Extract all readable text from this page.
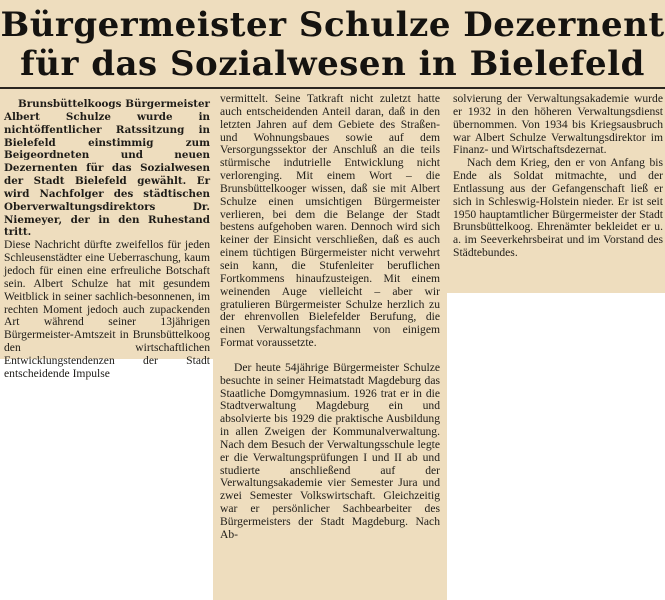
Bürgermeister Schulze Dezernent
für das Sozialwesen in Bielefeld

Brunsbüttelkoogs Bürgermeister Albert Schulze wurde in nichtöffentlicher Ratssitzung in Bielefeld einstimmig zum Beigeordneten und neuen Dezernenten für das Sozialwesen der Stadt Bielefeld gewählt. Er wird Nachfolger des städtischen Oberverwaltungsdirektors Dr. Niemeyer, der in den Ruhestand tritt.

Diese Nachricht dürfte zweifellos für jeden Schleusenstädter eine Ueberraschung, kaum jedoch für einen eine erfreuliche Botschaft sein. Albert Schulze hat mit gesundem Weitblick in seiner sachlich-besonnenen, im rechten Moment jedoch auch zupackenden Art während seiner 13jährigen Bürgermeister-Amtszeit in Brunsbüttelkoog den wirtschaftlichen Entwicklungstendenzen der Stadt entscheidende Impulse

vermittelt. Seine Tatkraft nicht zuletzt hatte auch entscheidenden Anteil daran, daß in den letzten Jahren auf dem Gebiete des Straßen- und Wohnungsbaues sowie auf dem Versorgungssektor der Anschluß an die teils stürmische indutrielle Entwicklung nicht verlorenging. Mit einem Wort – die Brunsbüttelkooger wissen, daß sie mit Albert Schulze einen umsichtigen Bürgermeister verlieren, bei dem die Belange der Stadt bestens aufgehoben waren. Dennoch wird sich keiner der Einsicht verschließen, daß es auch einem tüchtigen Bürgermeister nicht verwehrt sein kann, die Stufenleiter beruflichen Fortkommens hinaufzusteigen. Mit einem weinenden Auge vielleicht – aber wir gratulieren Bürgermeister Schulze herzlich zu der ehrenvollen Bielefelder Berufung, die einen Verwaltungsfachmann von einigem Format voraussetzte.

Der heute 54jährige Bürgermeister Schulze besuchte in seiner Heimatstadt Magdeburg das Staatliche Domgymnasium. 1926 trat er in die Stadtverwaltung Magdeburg ein und absolvierte bis 1929 die praktische Ausbildung in allen Zweigen der Kommunalverwaltung. Nach dem Besuch der Verwaltungsschule legte er die Verwaltungsprüfungen I und II ab und studierte anschließend auf der Verwaltungsakademie vier Semester Jura und zwei Semester Volkswirtschaft. Gleichzeitig war er persönlicher Sachbearbeiter des Bürgermeisters der Stadt Magdeburg. Nach Ab-

solvierung der Verwaltungsakademie wurde er 1932 in den höheren Verwaltungsdienst übernommen. Von 1934 bis Kriegsausbruch war Albert Schulze Verwaltungsdirektor im Finanz- und Wirtschaftsdezernat.

Nach dem Krieg, den er von Anfang bis Ende als Soldat mitmachte, und der Entlassung aus der Gefangenschaft ließ er sich in Schleswig-Holstein nieder. Er ist seit 1950 hauptamtlicher Bürgermeister der Stadt Brunsbüttelkoog. Ehrenämter bekleidet er u. a. im Seeverkehrsbeirat und im Vorstand des Städtebundes.
